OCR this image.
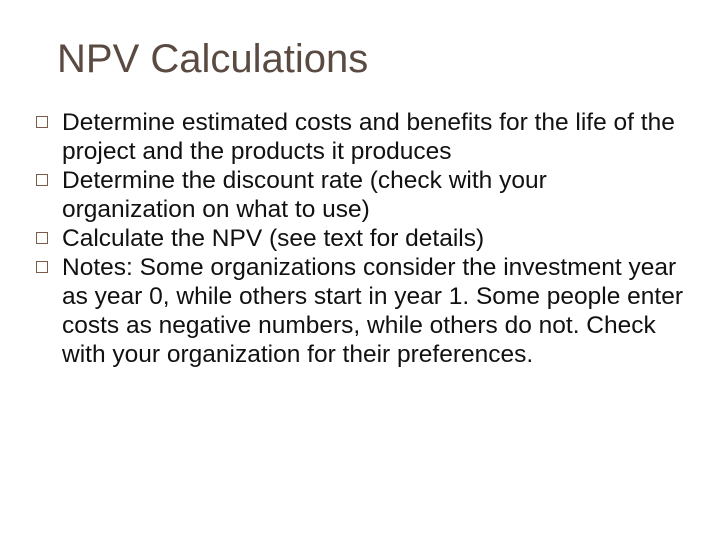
NPV Calculations
Determine estimated costs and benefits for the life of the project and the products it produces
Determine the discount rate (check with your organization on what to use)
Calculate the NPV (see text for details)
Notes: Some organizations consider the investment year as year 0, while others start in year 1. Some people enter costs as negative numbers, while others do not. Check with your organization for their preferences.
